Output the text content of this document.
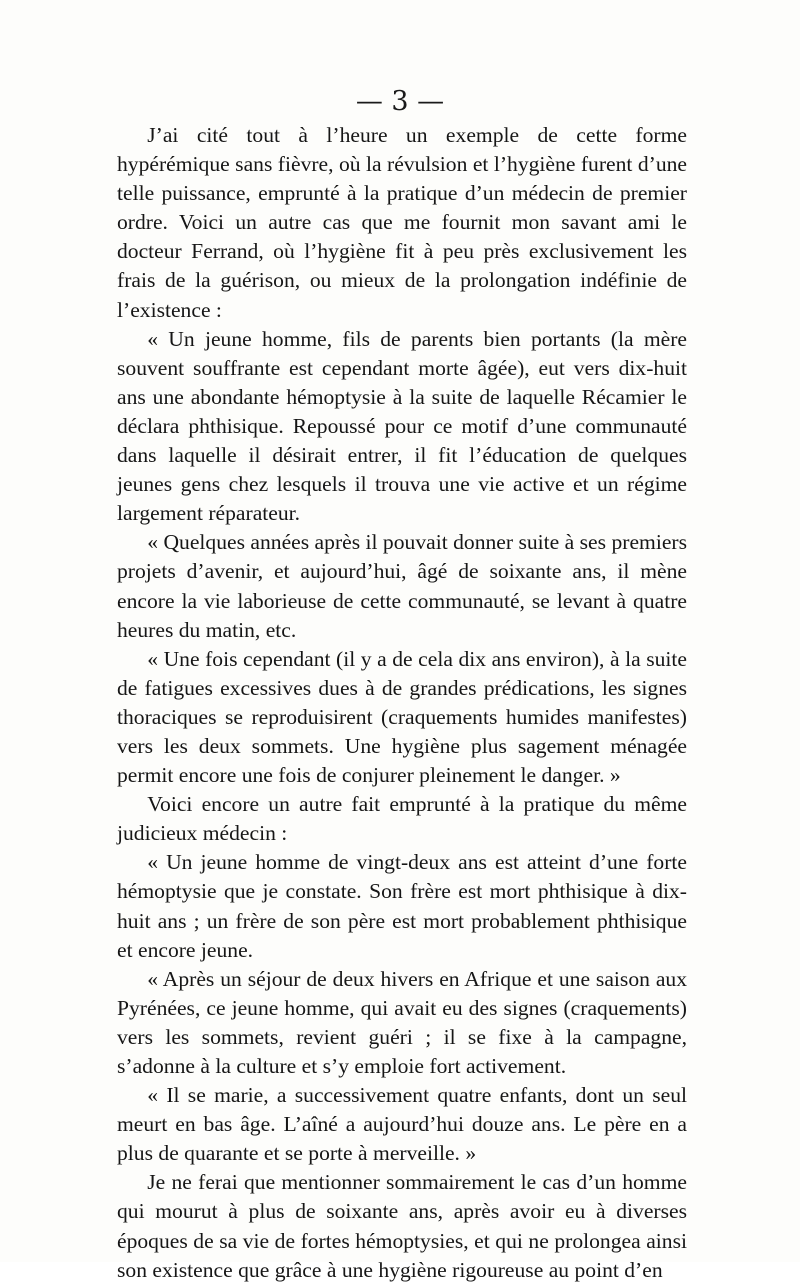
— 3 —

J’ai cité tout à l’heure un exemple de cette forme hypérémique sans fièvre, où la révulsion et l’hygiène furent d’une telle puissance, emprunté à la pratique d’un médecin de premier ordre. Voici un autre cas que me fournit mon savant ami le docteur Ferrand, où l’hygiène fit à peu près exclusivement les frais de la guérison, ou mieux de la prolongation indéfinie de l’existence :

« Un jeune homme, fils de parents bien portants (la mère souvent souffrante est cependant morte âgée), eut vers dix-huit ans une abondante hémoptysie à la suite de laquelle Récamier le déclara phthisique. Repoussé pour ce motif d’une communauté dans laquelle il désirait entrer, il fit l’éducation de quelques jeunes gens chez lesquels il trouva une vie active et un régime largement réparateur.

« Quelques années après il pouvait donner suite à ses premiers projets d’avenir, et aujourd’hui, âgé de soixante ans, il mène encore la vie laborieuse de cette communauté, se levant à quatre heures du matin, etc.

« Une fois cependant (il y a de cela dix ans environ), à la suite de fatigues excessives dues à de grandes prédications, les signes thoraciques se reproduisirent (craquements humides manifestes) vers les deux sommets. Une hygiène plus sagement ménagée permit encore une fois de conjurer pleinement le danger. »

Voici encore un autre fait emprunté à la pratique du même judicieux médecin :

« Un jeune homme de vingt-deux ans est atteint d’une forte hémoptysie que je constate. Son frère est mort phthisique à dix-huit ans ; un frère de son père est mort probablement phthisique et encore jeune.

« Après un séjour de deux hivers en Afrique et une saison aux Pyrénées, ce jeune homme, qui avait eu des signes (craquements) vers les sommets, revient guéri ; il se fixe à la campagne, s’adonne à la culture et s’y emploie fort activement.

« Il se marie, a successivement quatre enfants, dont un seul meurt en bas âge. L’aîné a aujourd’hui douze ans. Le père en a plus de quarante et se porte à merveille. »

Je ne ferai que mentionner sommairement le cas d’un homme qui mourut à plus de soixante ans, après avoir eu à diverses époques de sa vie de fortes hémoptysies, et qui ne prolongea ainsi son existence que grâce à une hygiène rigoureuse au point d’en
